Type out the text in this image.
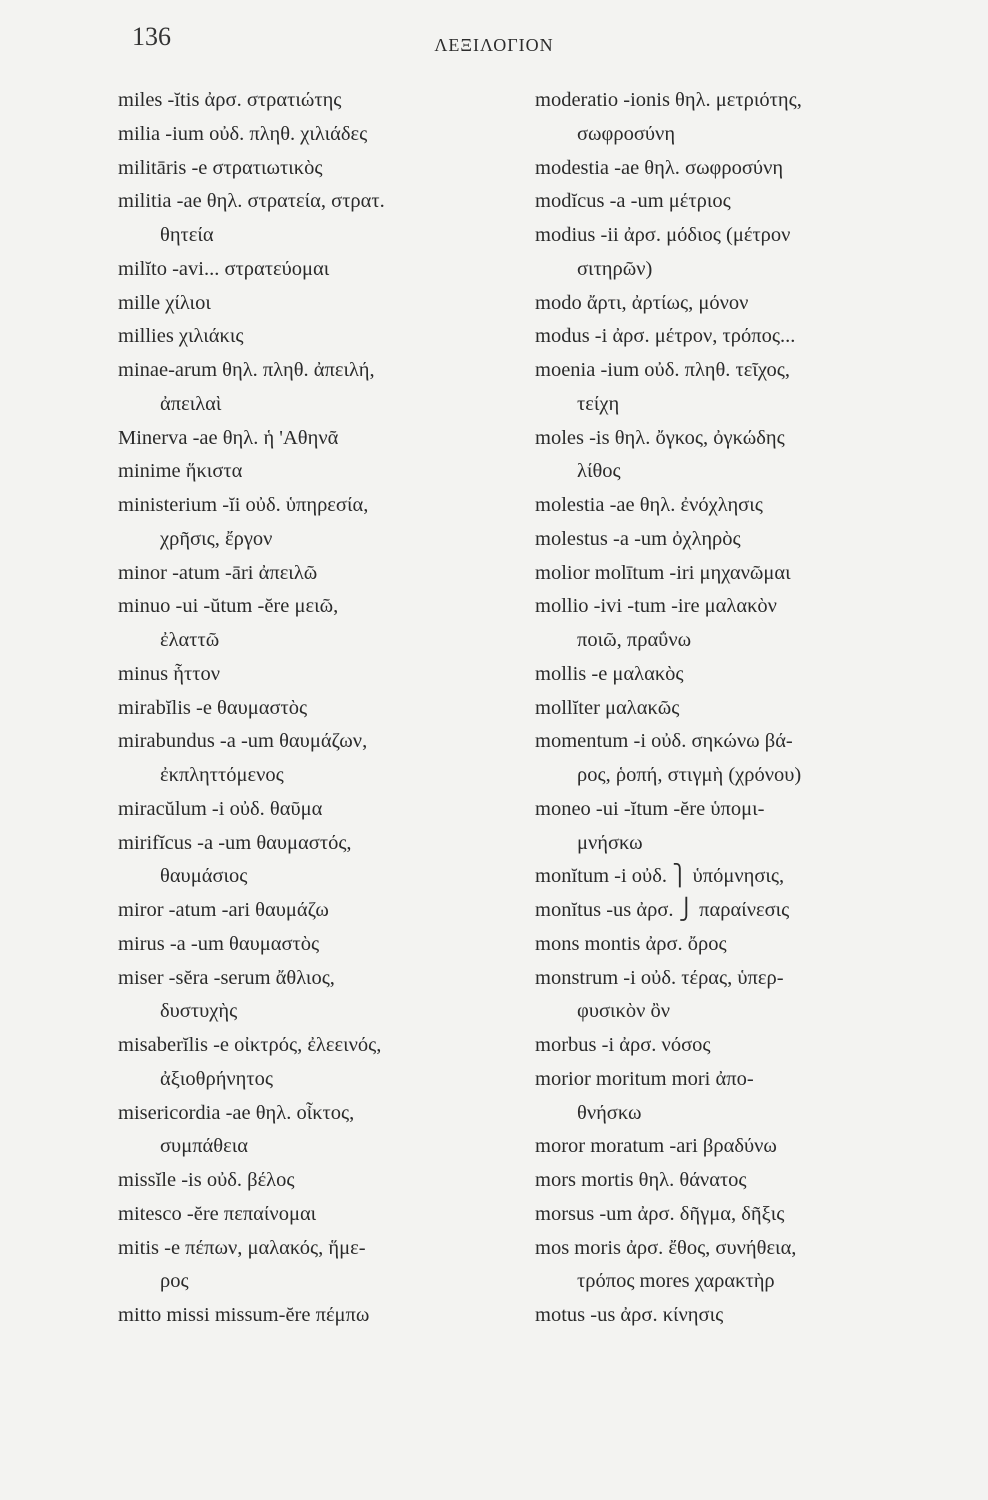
136	ΛΕΞΙΛΟΓΙΟΝ
miles -ĭtis ἀρσ. στρατιώτης
milia -ium οὐδ. πληθ. χιλιάδες
militāris -e στρατιωτικὸς
militia -ae θηλ. στρατεία, στρατ.
θητεία
milĭto -avi... στρατεύομαι
mille χίλιοι
millies χιλιάκις
minae-arum θηλ. πληθ. ἀπειλή,
ἀπειλαὶ
Minerva -ae θηλ. ἡ 'Αθηνᾶ
minime ἥκιστα
ministerium -ĭi οὐδ. ὑπηρεσία,
χρῆσις, ἔργον
minor -atum -āri ἀπειλῶ
minuo -ui -ŭtum -ĕre μειῶ,
ἐλαττῶ
minus ἧττον
mirabĭlis -e θαυμαστὸς
mirabundus -a -um θαυμάζων,
ἐκπληττόμενος
miracŭlum -i οὐδ. θαῦμα
mirifĭcus -a -um θαυμαστός,
θαυμάσιος
miror -atum -ari θαυμάζω
mirus -a -um θαυμαστὸς
miser -sĕra -serum ἄθλιος,
δυστυχὴς
misaberĭlis -e οἰκτρός, ἐλεεινός,
ἀξιοθρήνητος
misericordia -ae θηλ. οἶκτος,
συμπάθεια
missĭle -is οὐδ. βέλος
mitesco -ĕre πεπαίνομαι
mitis -e πέπων, μαλακός, ἥμε-
ρος
mitto missi missum-ĕre πέμπω
moderatio -ionis θηλ. μετριότης,
σωφροσύνη
modestia -ae θηλ. σωφροσύνη
modĭcus -a -um μέτριος
modius -ii ἀρσ. μόδιος (μέτρον
σιτηρῶν)
modo ἄρτι, ἀρτίως, μόνον
modus -i ἀρσ. μέτρον, τρόπος...
moenia -ium οὐδ. πληθ. τεῖχος,
τείχη
moles -is θηλ. ὄγκος, ὀγκώδης
λίθος
molestia -ae θηλ. ἐνόχλησις
molestus -a -um ὀχληρὸς
molior molītum -iri μηχανῶμαι
mollio -ivi -tum -ire μαλακὸν
ποιῶ, πραΰνω
mollis -e μαλακὸς
mollĭter μαλακῶς
momentum -i οὐδ. σηκώνω βά-
ρος, ῥοπή, στιγμὴ (χρόνου)
moneo -ui -ĭtum -ĕre ὑπομι-
μνήσκω
monĭtum -i οὐδ. ⎫ ὑπόμνησις,
monĭtus -us ἀρσ. ⎭ παραίνεσις
mons montis ἀρσ. ὄρος
monstrum -i οὐδ. τέρας, ὑπερ-
φυσικὸν ὂν
morbus -i ἀρσ. νόσος
morior moritum mori ἀπο-
θνήσκω
moror moratum -ari βραδύνω
mors mortis θηλ. θάνατος
morsus -um ἀρσ. δῆγμα, δῆξις
mos moris ἀρσ. ἔθος, συνήθεια,
τρόπος mores χαρακτὴρ
motus -us ἀρσ. κίνησις
